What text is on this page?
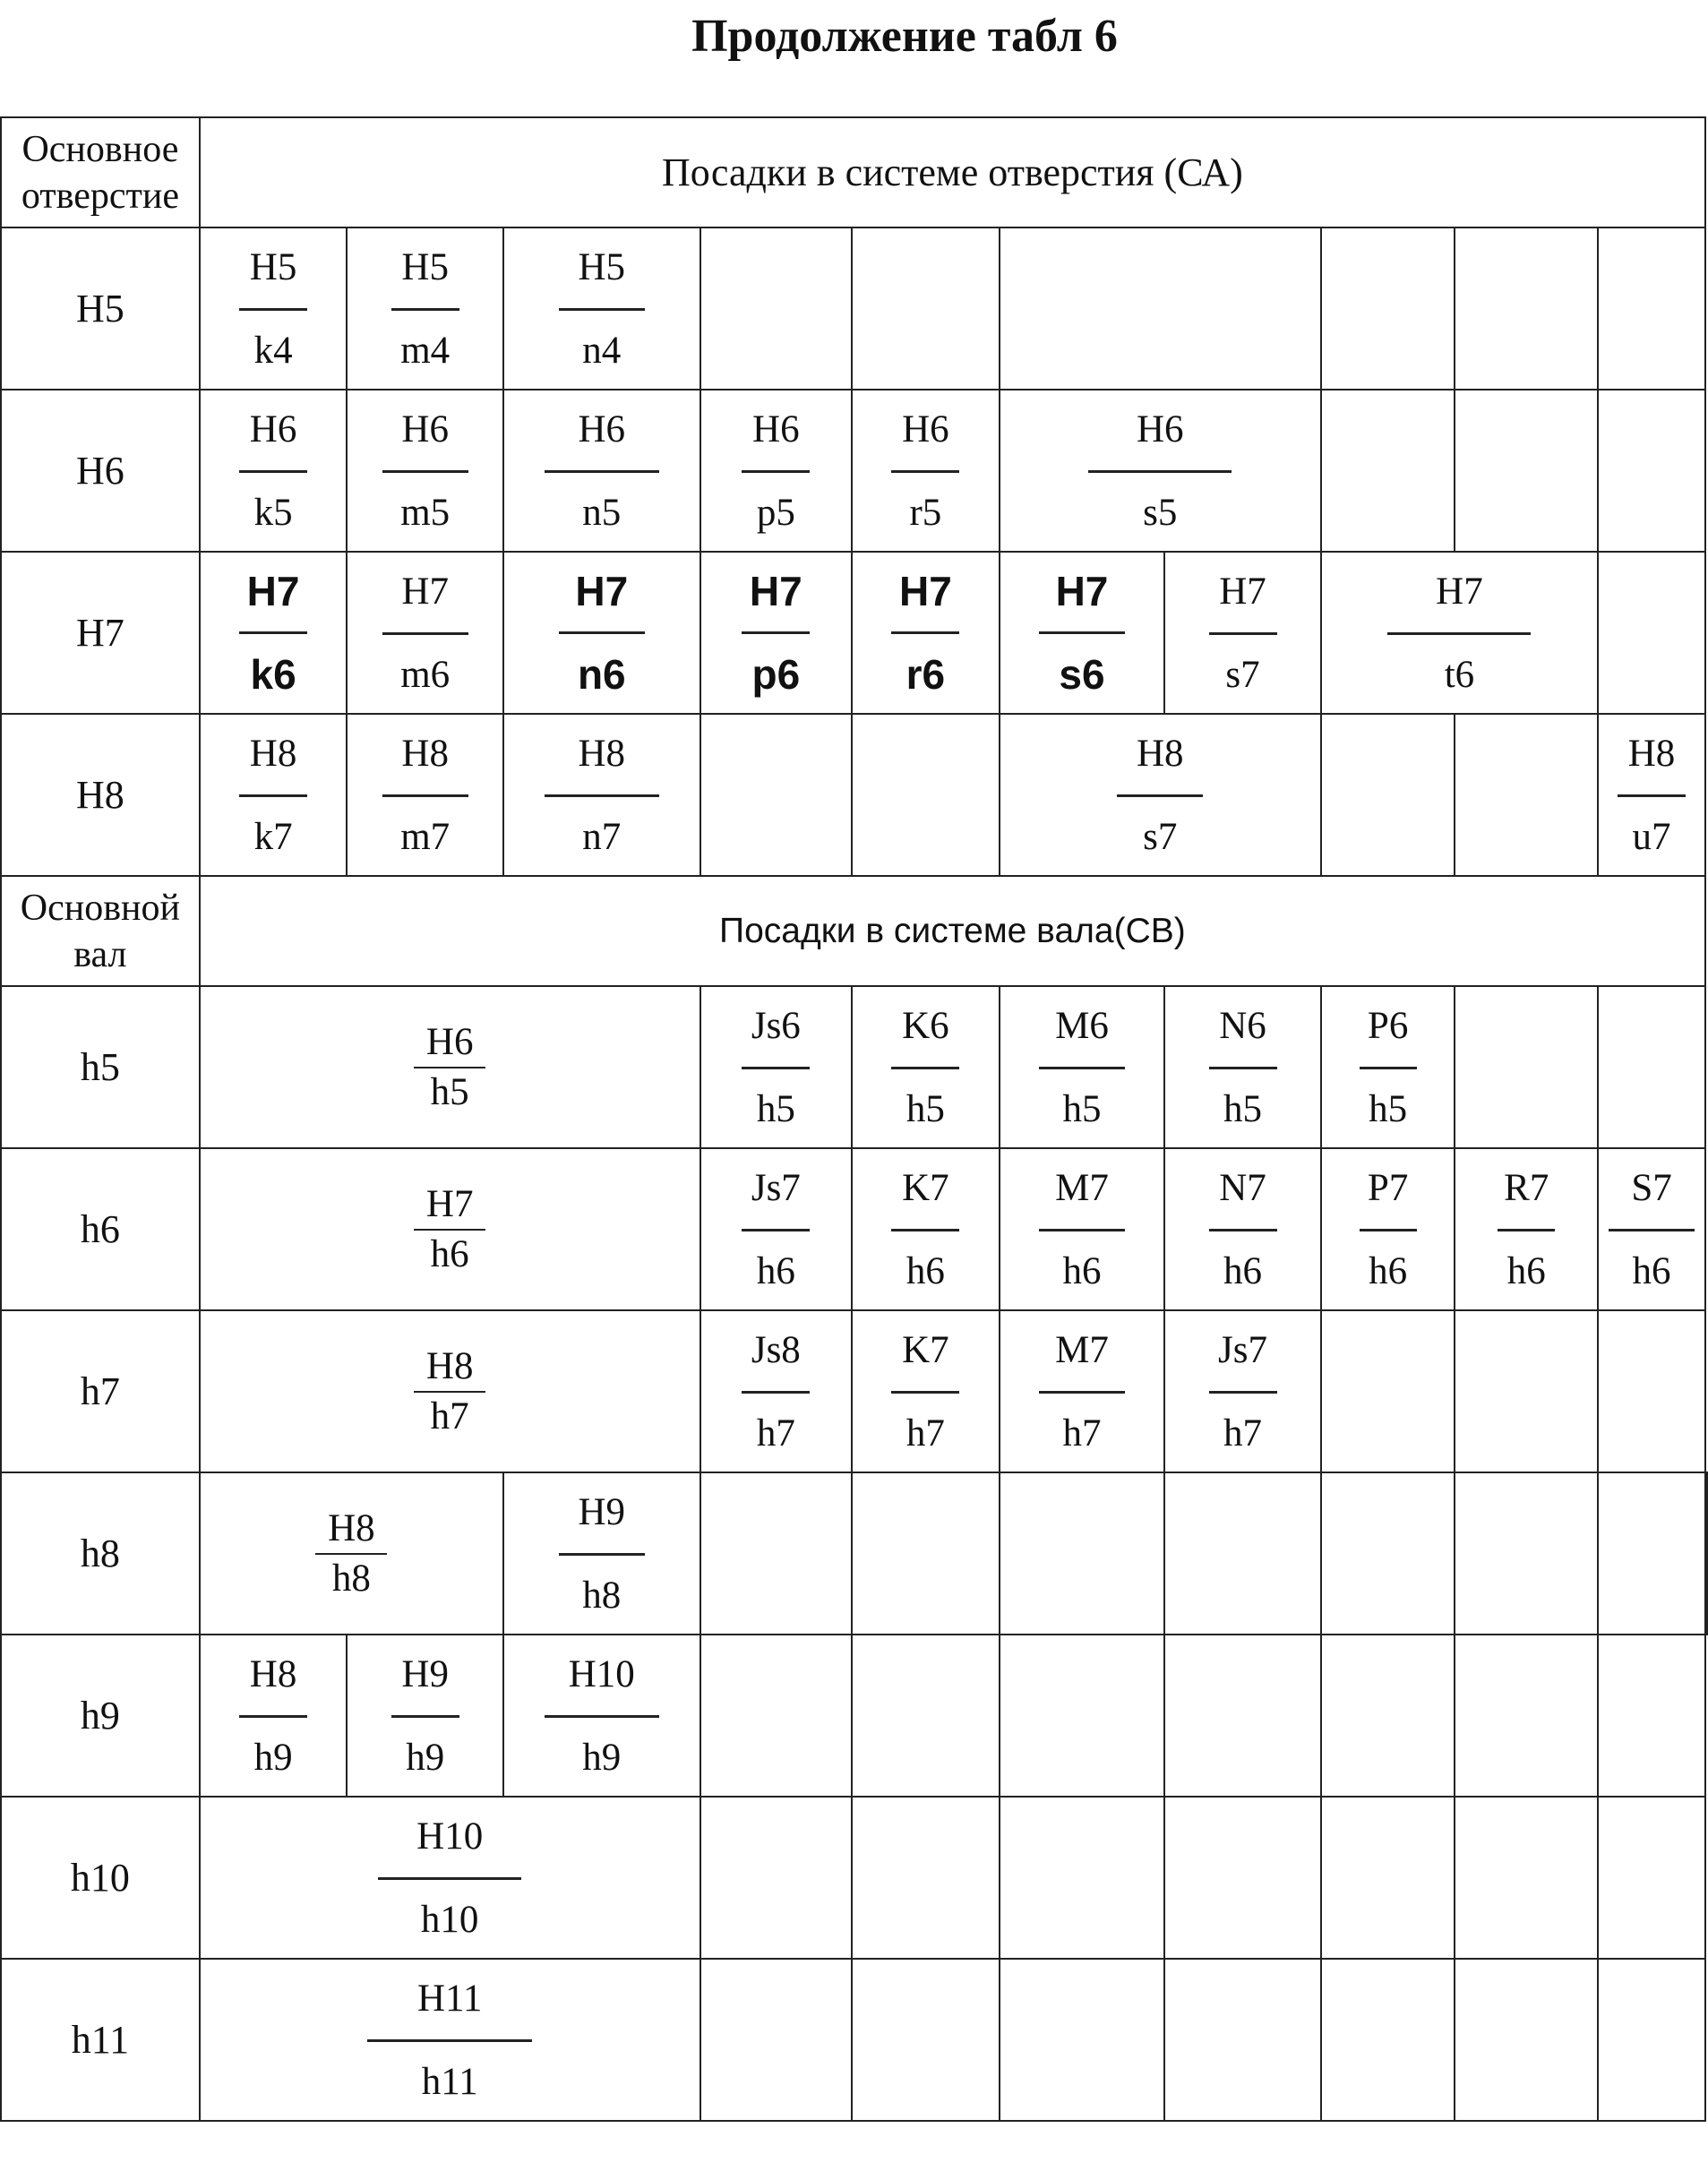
Продолжение табл 6
Основное отверстие	Посадки в системе отверстия (СА)										
H5	$\frac{H5}{k4}$	$\frac{H5}{m4}$	$\frac{H5}{n4}$

H6	$\frac{H6}{k5}$	$\frac{H6}{m5}$	$\frac{H6}{n5}$	$\frac{H6}{p5}$	$\frac{H6}{r5}$	$\frac{H6}{s5}$

H7	$\frac{H7}{k6}$	$\frac{H7}{m6}$	$\frac{H7}{n6}$	$\frac{H7}{p6}$	$\frac{H7}{r6}$	$\frac{H7}{s6}$	$\frac{H7}{s7}$	$\frac{H7}{t6}$

H8	$\frac{H8}{k7}$	$\frac{H8}{m7}$	$\frac{H8}{n7}$			$\frac{H8}{s7}$				$\frac{H8}{u7}$

Основной вал	Посадки в системе вала(СВ)										
h5	$\frac{H6}{h5}$			$\frac{Js6}{h5}$	$\frac{K6}{h5}$	$\frac{M6}{h5}$	$\frac{N6}{h5}$	$\frac{P6}{h5}$

h6	$\frac{H7}{h6}$			$\frac{Js7}{h6}$	$\frac{K7}{h6}$	$\frac{M7}{h6}$	$\frac{N7}{h6}$	$\frac{P7}{h6}$	$\frac{R7}{h6}$	$\frac{S7}{h6}$

h7	$\frac{H8}{h7}$			$\frac{Js8}{h7}$	$\frac{K7}{h7}$	$\frac{M7}{h7}$	$\frac{Js7}{h7}$

h8	$\frac{H8}{h8}$		$\frac{H9}{h8}$

h9	$\frac{H8}{h9}$	$\frac{H9}{h9}$	$\frac{H10}{h9}$

h10	$\frac{H10}{h10}$

h11	$\frac{H11}{h11}$
